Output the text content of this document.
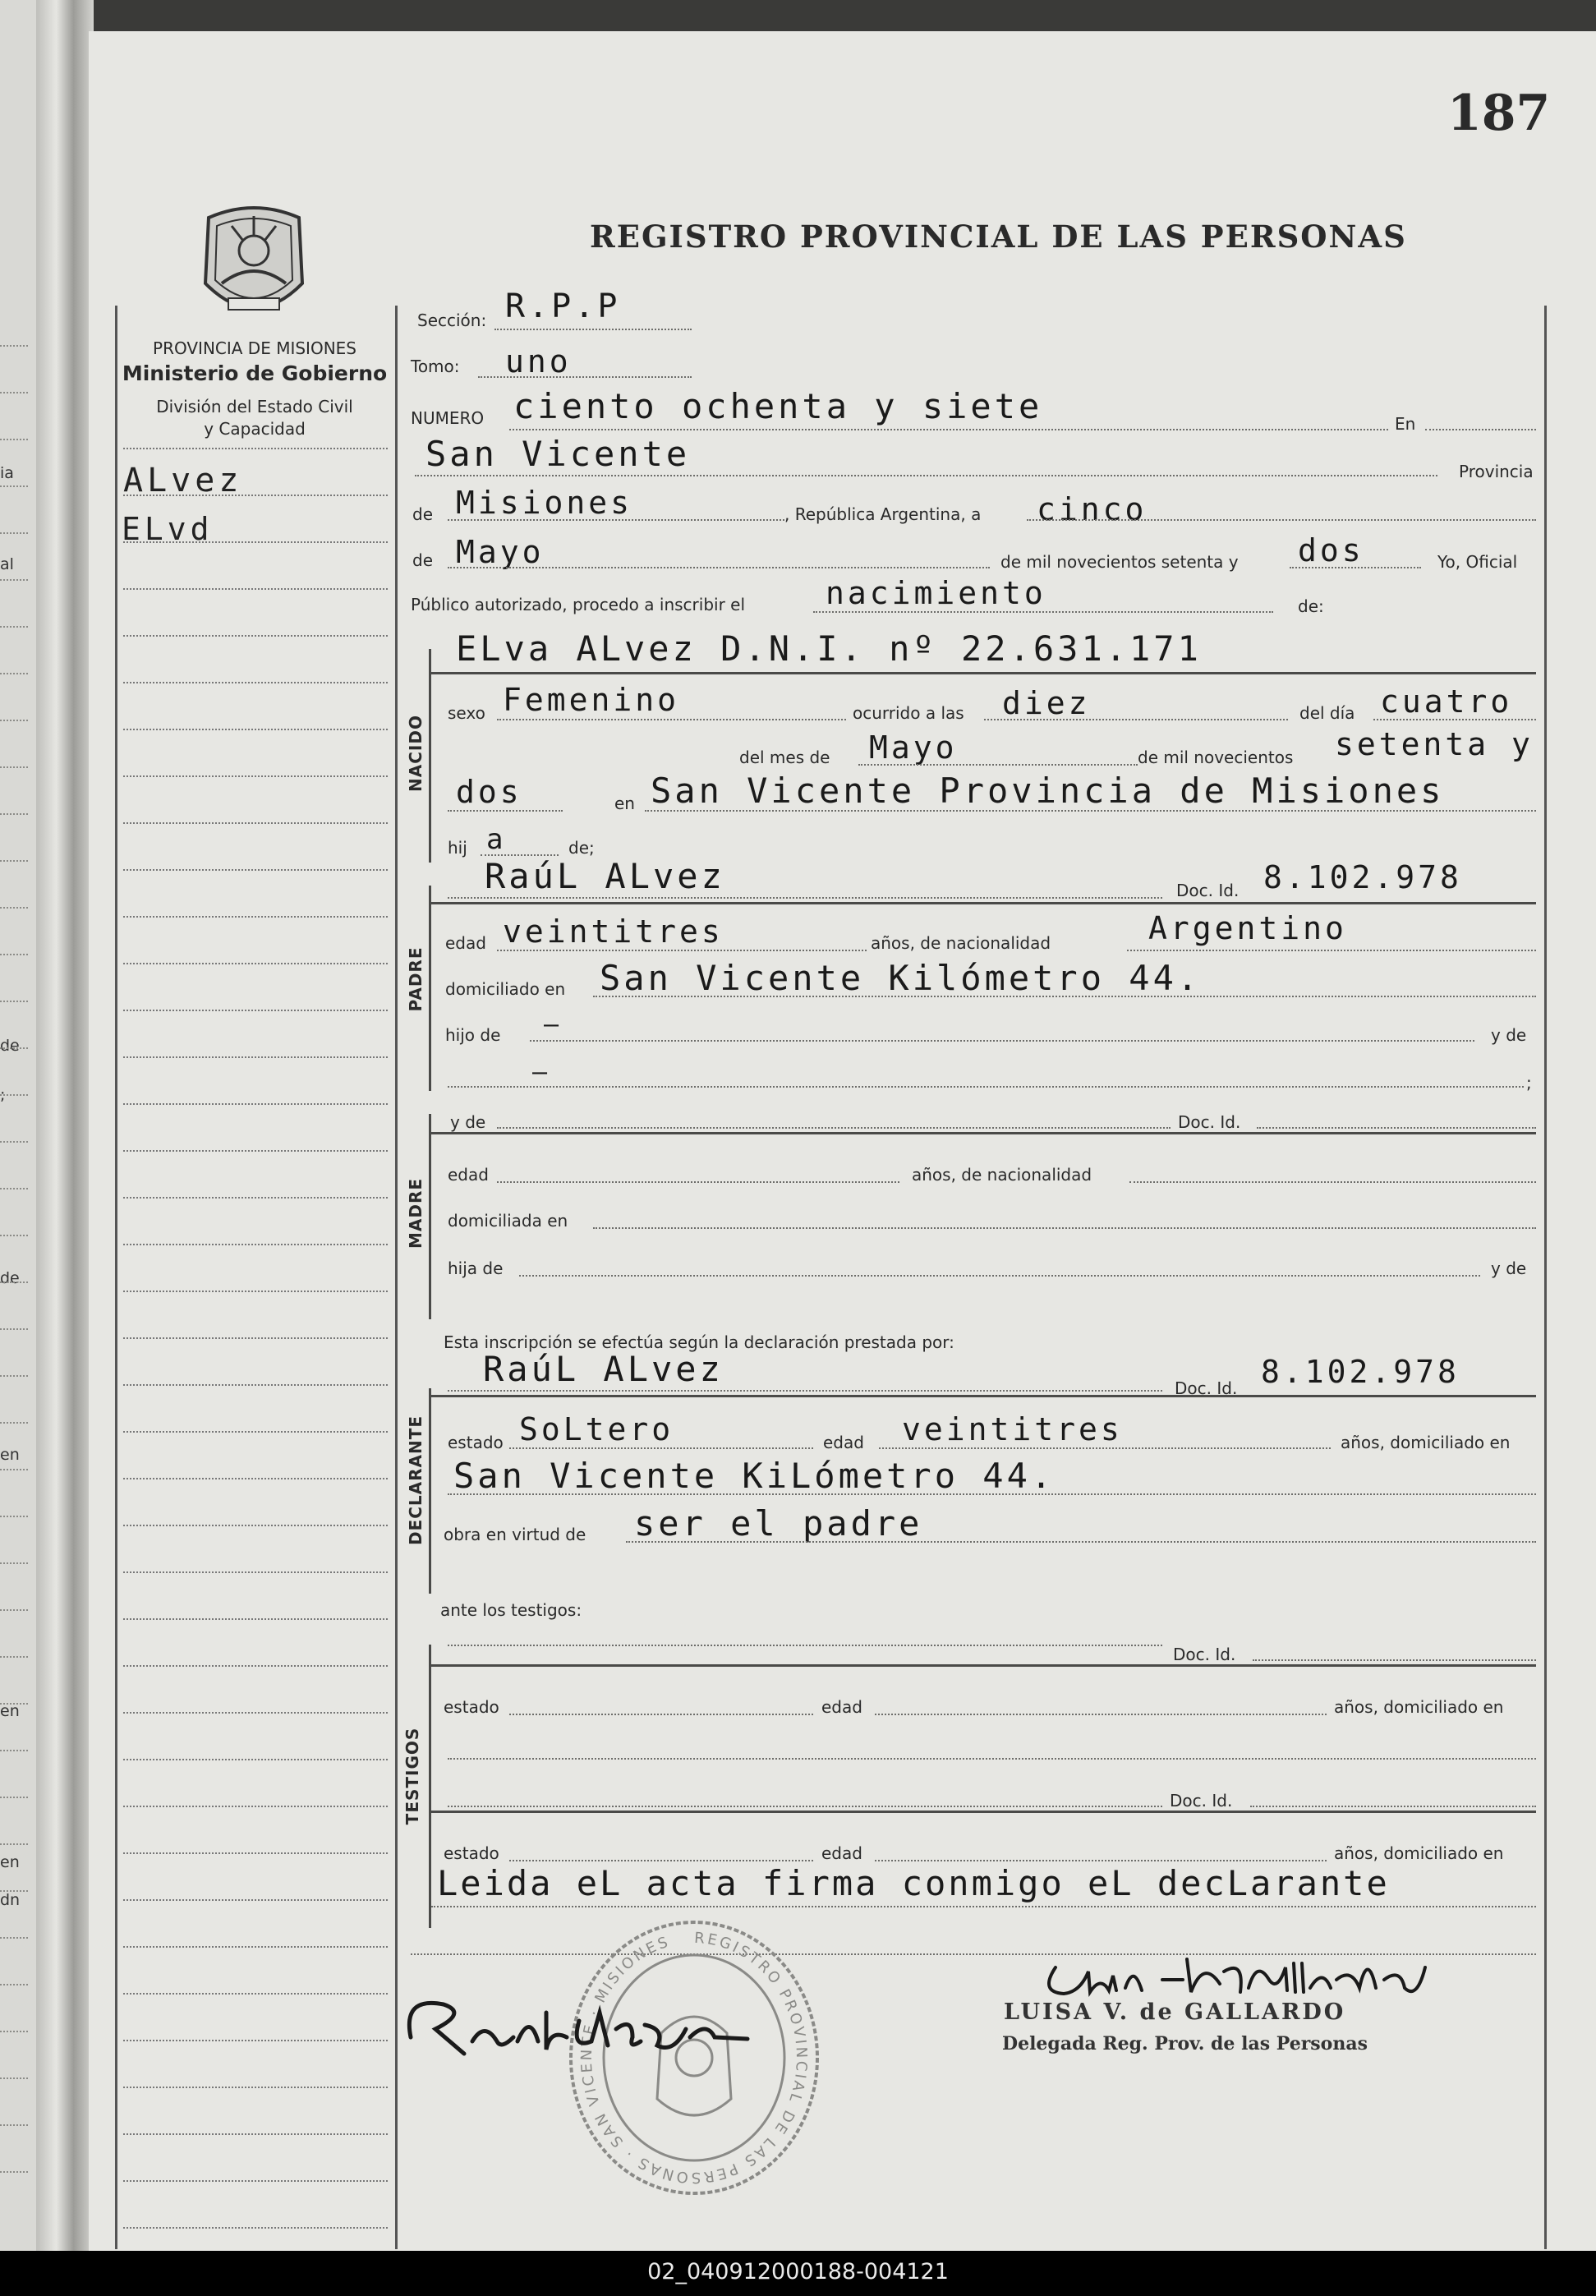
ia
al
de
;
de
en
en
en
dn
187
REGISTRO PROVINCIAL DE LAS PERSONAS
PROVINCIA DE MISIONES
Ministerio de Gobierno
División del Estado Civil
y Capacidad
ALvez
ELvd
Sección: R.P.P
Tomo: uno
NUMERO ciento ochenta y siete	En
San Vicente	Provincia
de Misiones	, República Argentina, a cinco
de Mayo	de mil novecientos setenta y dos	Yo, Oficial
Público autorizado, procedo a inscribir el	nacimiento	de:
ELva ALvez D.N.I. nº 22.631.171
NACIDO
sexo Femenino	ocurrido a las diez	del día cuatro
del mes de Mayo	de mil novecientos setenta y
dos	en San Vicente Provincia de Misiones
hij a	de;
PADRE
RaúL ALvez	Doc. Id. 8.102.978
edad veintitres	años, de nacionalidad	Argentino
domiciliado en San Vicente Kilómetro 44.
hijo de –	y de
–	;
MADRE
y de	Doc. Id.
edad	años, de nacionalidad
domiciliada en
hija de	y de
Esta inscripción se efectúa según la declaración prestada por:
DECLARANTE
RaúL ALvez	Doc. Id. 8.102.978
estado SoLtero	edad veintitres	años, domiciliado en
San Vicente KiLómetro 44.
obra en virtud de ser el padre
ante los testigos:
TESTIGOS
Doc. Id.
estado	edad	años, domiciliado en
Doc. Id.
estado	edad	años, domiciliado en
Leida eL acta firma conmigo eL decLarante
REGISTRO PROVINCIAL DE LAS PERSONAS · SAN VICENTE · MISIONES
LUISA V. de GALLARDO
Delegada Reg. Prov. de las Personas
02_040912000188-004121
